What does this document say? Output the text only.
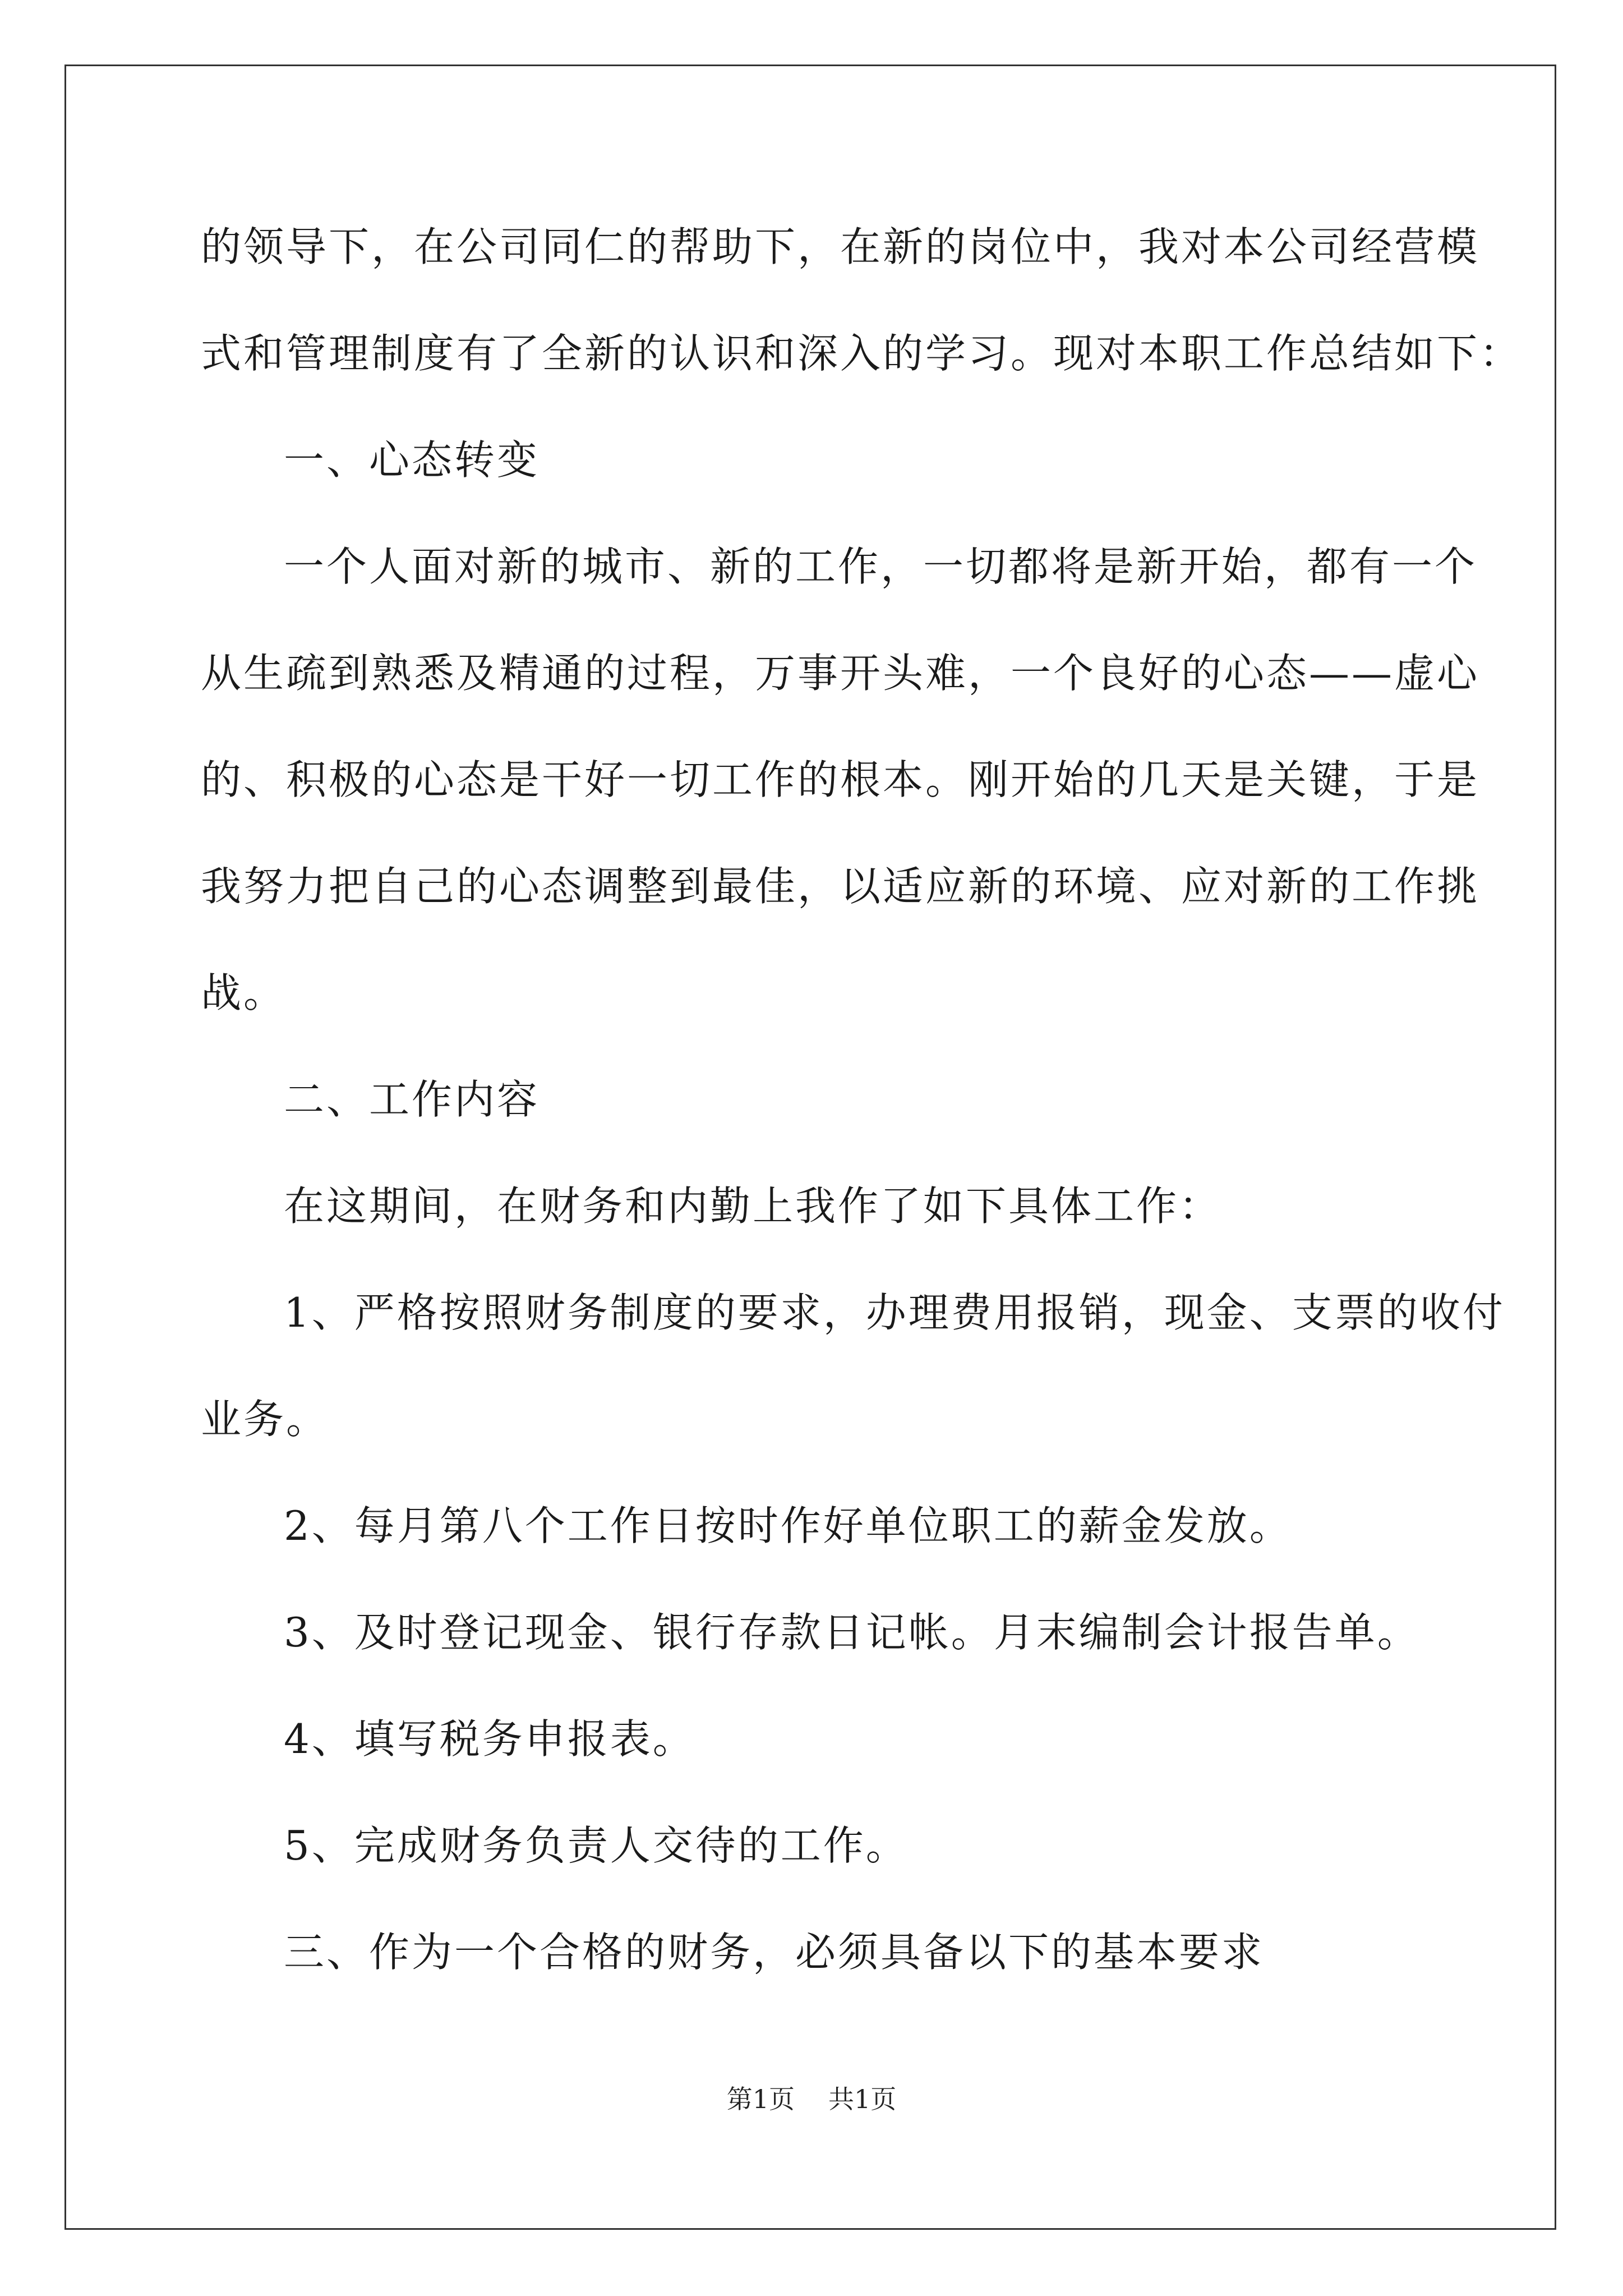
的领导下，在公司同仁的帮助下，在新的岗位中，我对本公司经营模
式和管理制度有了全新的认识和深入的学习。现对本职工作总结如下：
一、心态转变
一个人面对新的城市、新的工作，一切都将是新开始，都有一个
从生疏到熟悉及精通的过程，万事开头难，一个良好的心态——虚心
的、积极的心态是干好一切工作的根本。刚开始的几天是关键，于是
我努力把自己的心态调整到最佳，以适应新的环境、应对新的工作挑
战。
二、工作内容
在这期间，在财务和内勤上我作了如下具体工作：
1、严格按照财务制度的要求，办理费用报销，现金、支票的收付
业务。
2、每月第八个工作日按时作好单位职工的薪金发放。
3、及时登记现金、银行存款日记帐。月末编制会计报告单。
4、填写税务申报表。
5、完成财务负责人交待的工作。
三、作为一个合格的财务，必须具备以下的基本要求
第1页 共1页
